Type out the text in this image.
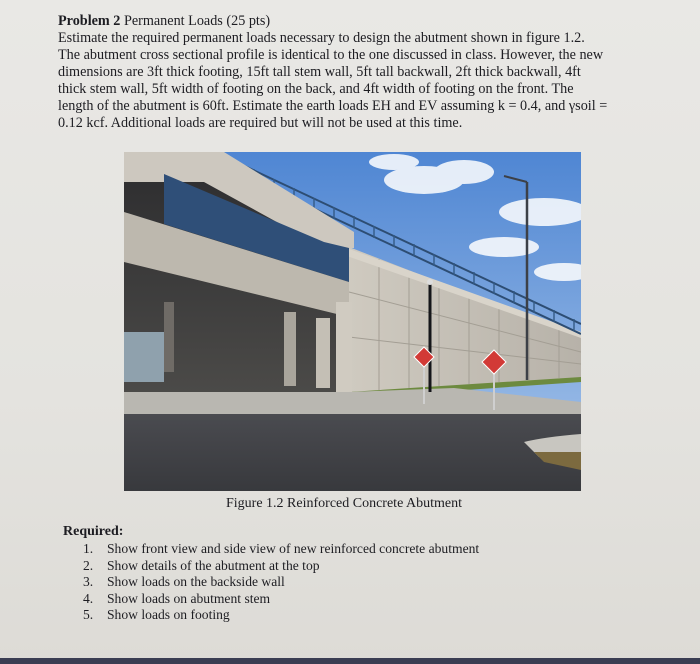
Problem 2 Permanent Loads (25 pts)
Estimate the required permanent loads necessary to design the abutment shown in figure 1.2.
The abutment cross sectional profile is identical to the one discussed in class. However, the new
dimensions are 3ft thick footing, 15ft tall stem wall, 5ft tall backwall, 2ft thick backwall, 4ft
thick stem wall, 5ft width of footing on the back, and 4ft width of footing on the front. The
length of the abutment is 60ft. Estimate the earth loads EH and EV assuming k = 0.4, and γsoil =
0.12 kcf. Additional loads are required but will not be used at this time.
Figure 1.2 Reinforced Concrete Abutment
Required:
1. Show front view and side view of new reinforced concrete abutment
2. Show details of the abutment at the top
3. Show loads on the backside wall
4. Show loads on abutment stem
5. Show loads on footing
